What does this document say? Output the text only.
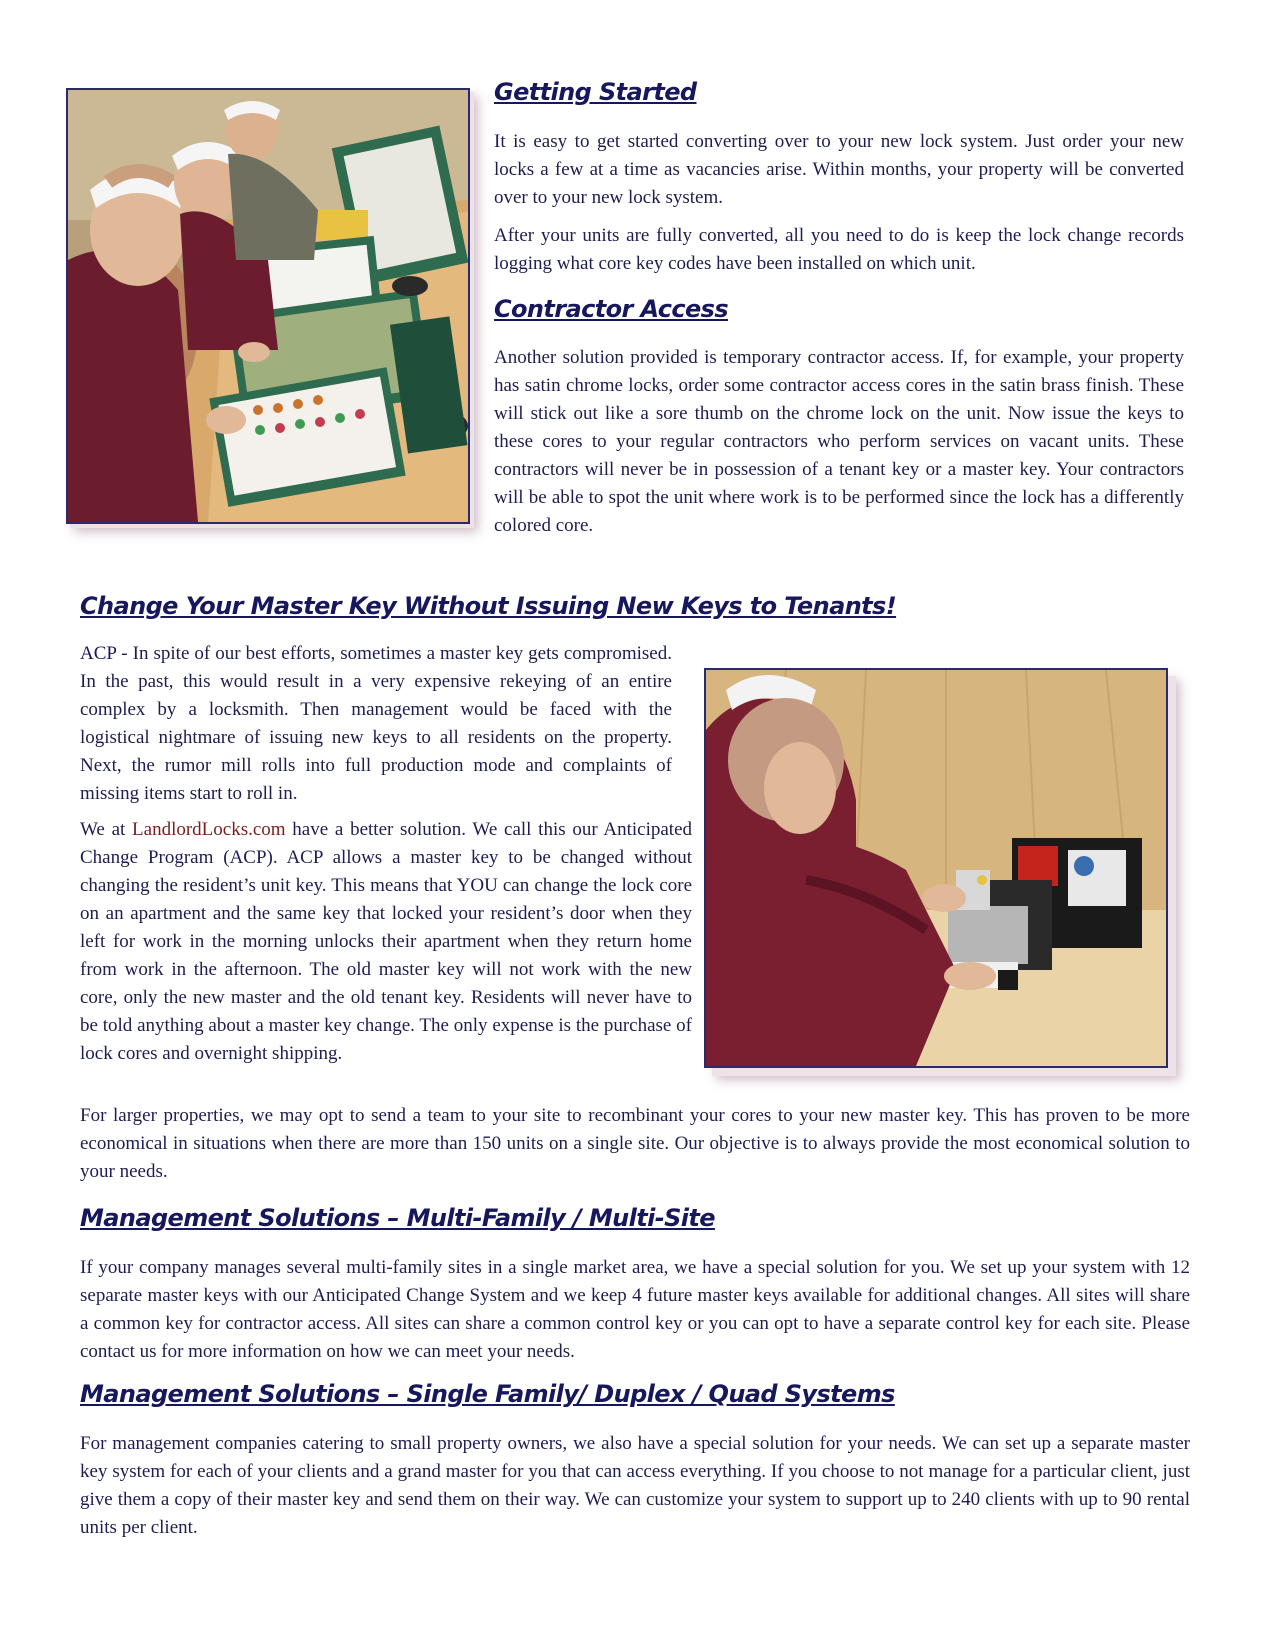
Getting Started

It is easy to get started converting over to your new lock system. Just order your new locks a few at a time as vacancies arise. Within months, your property will be converted over to your new lock system.

After your units are fully converted, all you need to do is keep the lock change records logging what core key codes have been installed on which unit.

Contractor Access

Another solution provided is temporary contractor access. If, for example, your property has satin chrome locks, order some contractor access cores in the satin brass finish. These will stick out like a sore thumb on the chrome lock on the unit. Now issue the keys to these cores to your regular contractors who perform services on vacant units. These contractors will never be in possession of a tenant key or a master key. Your contractors will be able to spot the unit where work is to be performed since the lock has a differently colored core.

Change Your Master Key Without Issuing New Keys to Tenants!

ACP - In spite of our best efforts, sometimes a master key gets compromised. In the past, this would result in a very expensive rekeying of an entire complex by a locksmith. Then management would be faced with the logistical nightmare of issuing new keys to all residents on the property. Next, the rumor mill rolls into full production mode and complaints of missing items start to roll in.

We at LandlordLocks.com have a better solution. We call this our Anticipated Change Program (ACP). ACP allows a master key to be changed without changing the resident’s unit key. This means that YOU can change the lock core on an apartment and the same key that locked your resident’s door when they left for work in the morning unlocks their apartment when they return home from work in the afternoon. The old master key will not work with the new core, only the new master and the old tenant key. Residents will never have to be told anything about a master key change. The only expense is the purchase of lock cores and overnight shipping.

For larger properties, we may opt to send a team to your site to recombinant your cores to your new master key. This has proven to be more economical in situations when there are more than 150 units on a single site. Our objective is to always provide the most economical solution to your needs.

Management Solutions – Multi-Family / Multi-Site

If your company manages several multi-family sites in a single market area, we have a special solution for you. We set up your system with 12 separate master keys with our Anticipated Change System and we keep 4 future master keys available for additional changes. All sites will share a common key for contractor access. All sites can share a common control key or you can opt to have a separate control key for each site. Please contact us for more information on how we can meet your needs.

Management Solutions – Single Family/ Duplex / Quad Systems

For management companies catering to small property owners, we also have a special solution for your needs. We can set up a separate master key system for each of your clients and a grand master for you that can access everything. If you choose to not manage for a particular client, just give them a copy of their master key and send them on their way. We can customize your system to support up to 240 clients with up to 90 rental units per client.
